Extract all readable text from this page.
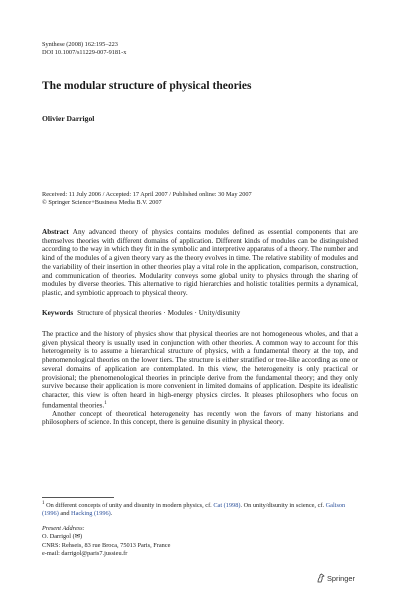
Synthese (2008) 162:195–223
DOI 10.1007/s11229-007-9181-x
The modular structure of physical theories
Olivier Darrigol
Received: 11 July 2006 / Accepted: 17 April 2007 / Published online: 30 May 2007
© Springer Science+Business Media B.V. 2007

Abstract Any advanced theory of physics contains modules defined as essential components that are themselves theories with different domains of application. Different kinds of modules can be distinguished according to the way in which they fit in the symbolic and interpretive apparatus of a theory. The number and kind of the modules of a given theory vary as the theory evolves in time. The relative stability of modules and the variability of their insertion in other theories play a vital role in the application, comparison, construction, and communication of theories. Modularity conveys some global unity to physics through the sharing of modules by diverse theories. This alternative to rigid hierarchies and holistic totalities permits a dynamical, plastic, and symbiotic approach to physical theory.

Keywords Structure of physical theories · Modules · Unity/disunity

The practice and the history of physics show that physical theories are not homogeneous wholes, and that a given physical theory is usually used in conjunction with other theories. A common way to account for this heterogeneity is to assume a hierarchical structure of physics, with a fundamental theory at the top, and phenomenological theories on the lower tiers. The structure is either stratified or tree-like according as one or several domains of application are contemplated. In this view, the heterogeneity is only practical or provisional; the phenomenological theories in principle derive from the fundamental theory; and they only survive because their application is more convenient in limited domains of application. Despite its idealistic character, this view is often heard in high-energy physics circles. It pleases philosophers who focus on fundamental theories.$^1$

Another concept of theoretical heterogeneity has recently won the favors of many historians and philosophers of science. In this concept, there is genuine disunity in physical theory.

$^1$ On different concepts of unity and disunity in modern physics, cf. Cat (1998). On unity/disunity in science, cf. Galison (1996) and Hacking (1996).
Present Address:
O. Darrigol (✉)
CNRS: Rehseis, 83 rue Broca, 75013 Paris, France
e-mail: darrigol@paris7.jussieu.fr
Springer
